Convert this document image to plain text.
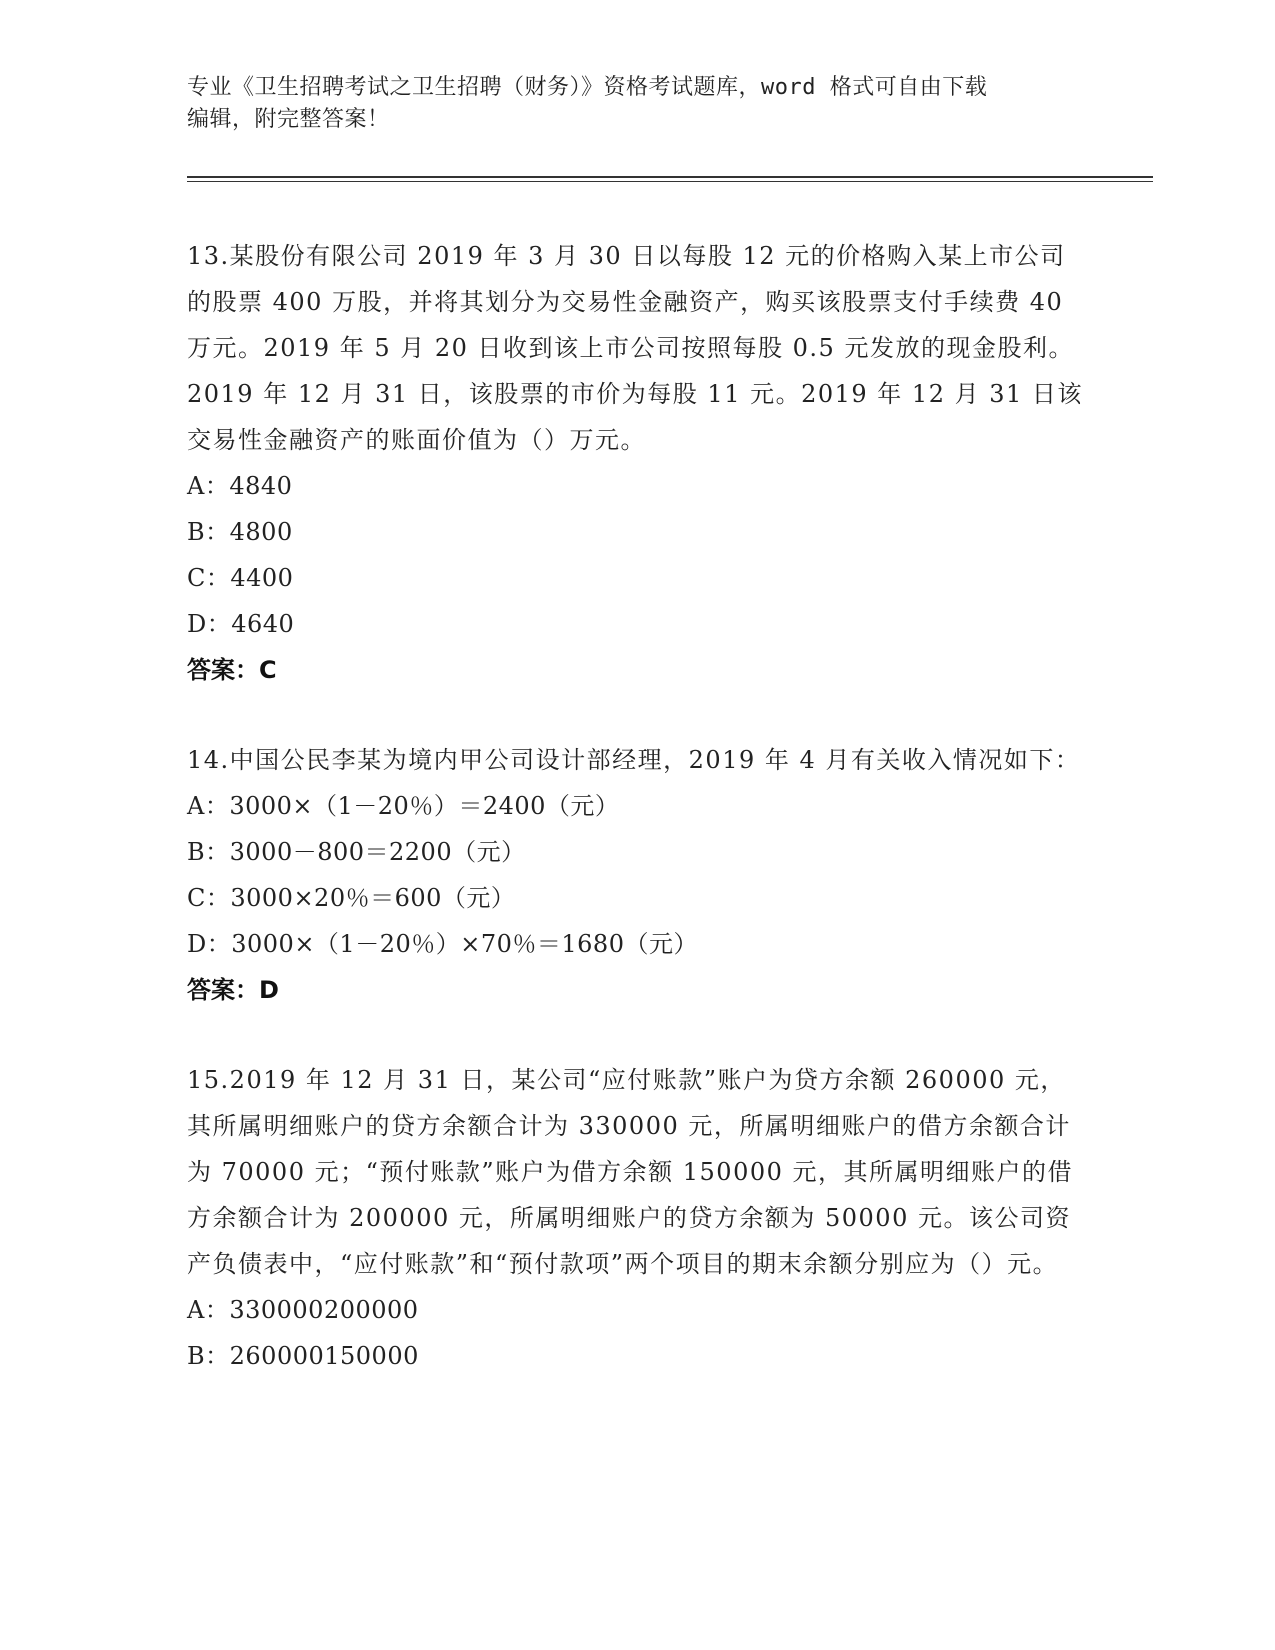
专业《卫生招聘考试之卫生招聘（财务）》资格考试题库，word 格式可自由下载
编辑，附完整答案！
13.某股份有限公司 2019 年 3 月 30 日以每股 12 元的价格购入某上市公司的股票 400 万股，并将其划分为交易性金融资产，购买该股票支付手续费 40 万元。2019 年 5 月 20 日收到该上市公司按照每股 0.5 元发放的现金股利。2019 年 12 月 31 日，该股票的市价为每股 11 元。2019 年 12 月 31 日该交易性金融资产的账面价值为（）万元。
A：4840
B：4800
C：4400
D：4640
答案：C
14.中国公民李某为境内甲公司设计部经理，2019 年 4 月有关收入情况如下：
A：3000×（1－20％）＝2400（元）
B：3000－800＝2200（元）
C：3000×20％＝600（元）
D：3000×（1－20％）×70％＝1680（元）
答案：D
15.2019 年 12 月 31 日，某公司“应付账款”账户为贷方余额 260000 元，其所属明细账户的贷方余额合计为 330000 元，所属明细账户的借方余额合计为 70000 元；“预付账款”账户为借方余额 150000 元，其所属明细账户的借方余额合计为 200000 元，所属明细账户的贷方余额为 50000 元。该公司资产负债表中，“应付账款”和“预付款项”两个项目的期末余额分别应为（）元。
A：330000200000
B：260000150000
